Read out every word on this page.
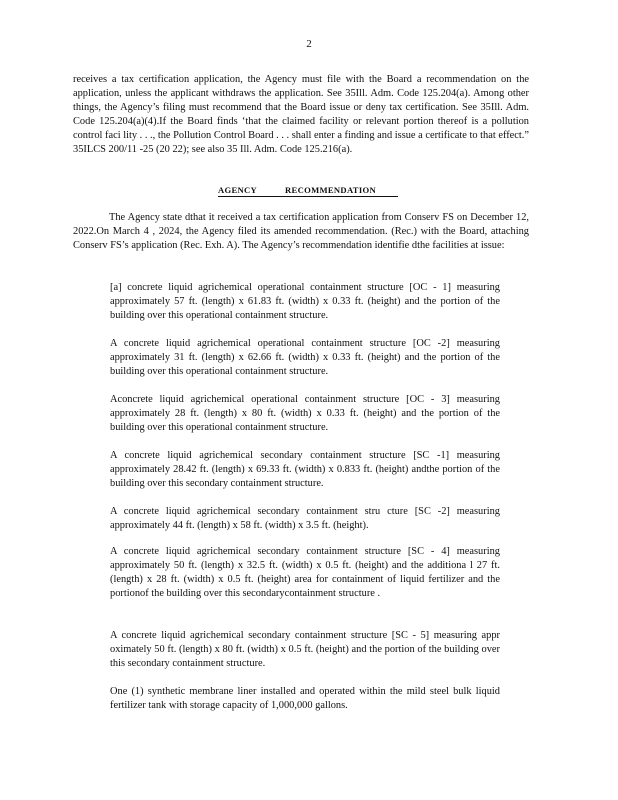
2

receives a tax certification application, the Agency must file with the Board a recommendation on the application, unless the applicant withdraws the application. See 35Ill. Adm. Code 125.204(a). Among other things, the Agency’s filing must recommend that the Board issue or deny tax certification. See 35Ill. Adm. Code 125.204(a)(4).If the Board finds ‘that the claimed facility or relevant portion thereof is a pollution control faci lity . . ., the Pollution Control Board . . . shall enter a finding and issue a certificate to that effect.” 35ILCS 200/11 -25 (20 22); see also 35 Ill. Adm. Code 125.216(a).

AGENCY	RECOMMENDATION

The Agency state dthat it received a tax certification application from Conserv FS on December 12, 2022.On March 4 , 2024, the Agency filed its amended recommendation. (Rec.) with the Board, attaching Conserv FS’s application (Rec. Exh. A). The Agency’s recommendation identifie dthe facilities at issue:

[a] concrete liquid agrichemical operational containment structure [OC - 1] measuring approximately 57 ft. (length) x 61.83 ft. (width) x 0.33 ft. (height) and the portion of the building over this operational containment structure.

A concrete liquid agrichemical operational containment structure [OC -2] measuring approximately 31 ft. (length) x 62.66 ft. (width) x 0.33 ft. (height) and the portion of the building over this operational containment structure.

Aconcrete liquid agrichemical operational containment structure [OC - 3] measuring approximately 28 ft. (length) x 80 ft. (width) x 0.33 ft. (height) and the portion of the building over this operational containment structure.

A concrete liquid agrichemical secondary containment structure [SC -1] measuring approximately 28.42 ft. (length) x 69.33 ft. (width) x 0.833 ft. (height) andthe portion of the building over this secondary containment structure.

A concrete liquid agrichemical secondary containment stru cture [SC -2] measuring approximately 44 ft. (length) x 58 ft. (width) x 3.5 ft. (height).

A concrete liquid agrichemical secondary containment structure [SC - 4] measuring approximately 50 ft. (length) x 32.5 ft. (width) x 0.5 ft. (height) and the additiona l 27 ft. (length) x 28 ft. (width) x 0.5 ft. (height) area for containment of liquid fertilizer and the portionof the building over this secondarycontainment structure .

A concrete liquid agrichemical secondary containment structure [SC - 5] measuring appr oximately 50 ft. (length) x 80 ft. (width) x 0.5 ft. (height) and the portion of the building over this secondary containment structure.

One (1) synthetic membrane liner installed and operated within the mild steel bulk liquid fertilizer tank with storage capacity of 1,000,000 gallons.
